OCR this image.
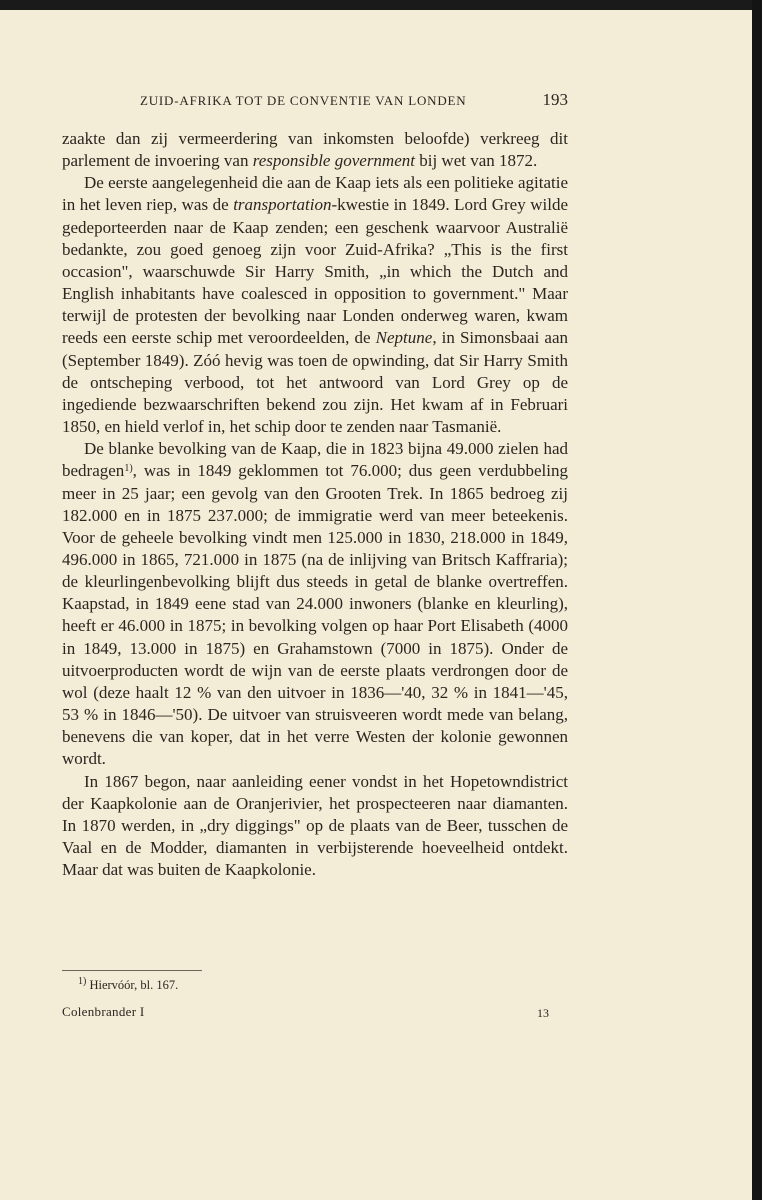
ZUID-AFRIKA TOT DE CONVENTIE VAN LONDEN	193

zaakte dan zij vermeerdering van inkomsten beloofde) verkreeg dit parlement de invoering van responsible government bij wet van 1872.

De eerste aangelegenheid die aan de Kaap iets als een politieke agitatie in het leven riep, was de transportation-kwestie in 1849. Lord Grey wilde gedeporteerden naar de Kaap zenden; een geschenk waarvoor Australië bedankte, zou goed genoeg zijn voor Zuid-Afrika? „This is the first occasion", waarschuwde Sir Harry Smith, „in which the Dutch and English inhabitants have coalesced in opposition to government." Maar terwijl de protesten der bevolking naar Londen onderweg waren, kwam reeds een eerste schip met veroordeelden, de Neptune, in Simonsbaai aan (September 1849). Zóó hevig was toen de opwinding, dat Sir Harry Smith de ontscheping verbood, tot het antwoord van Lord Grey op de ingediende bezwaarschriften bekend zou zijn. Het kwam af in Februari 1850, en hield verlof in, het schip door te zenden naar Tasmanië.

De blanke bevolking van de Kaap, die in 1823 bijna 49.000 zielen had bedragen$^{1)}$, was in 1849 geklommen tot 76.000; dus geen verdubbeling meer in 25 jaar; een gevolg van den Grooten Trek. In 1865 bedroeg zij 182.000 en in 1875 237.000; de immigratie werd van meer beteekenis. Voor de geheele bevolking vindt men 125.000 in 1830, 218.000 in 1849, 496.000 in 1865, 721.000 in 1875 (na de inlijving van Britsch Kaffraria); de kleurlingenbevolking blijft dus steeds in getal de blanke overtreffen. Kaapstad, in 1849 eene stad van 24.000 inwoners (blanke en kleurling), heeft er 46.000 in 1875; in bevolking volgen op haar Port Elisabeth (4000 in 1849, 13.000 in 1875) en Grahamstown (7000 in 1875). Onder de uitvoerproducten wordt de wijn van de eerste plaats verdrongen door de wol (deze haalt 12 % van den uitvoer in 1836—'40, 32 % in 1841—'45, 53 % in 1846—'50). De uitvoer van struisveeren wordt mede van belang, benevens die van koper, dat in het verre Westen der kolonie gewonnen wordt.

In 1867 begon, naar aanleiding eener vondst in het Hopetowndistrict der Kaapkolonie aan de Oranjerivier, het prospecteeren naar diamanten. In 1870 werden, in „dry diggings" op de plaats van de Beer, tusschen de Vaal en de Modder, diamanten in verbijsterende hoeveelheid ontdekt. Maar dat was buiten de Kaapkolonie.

$^{1)}$ Hiervóór, bl. 167.
Colenbrander I	13
